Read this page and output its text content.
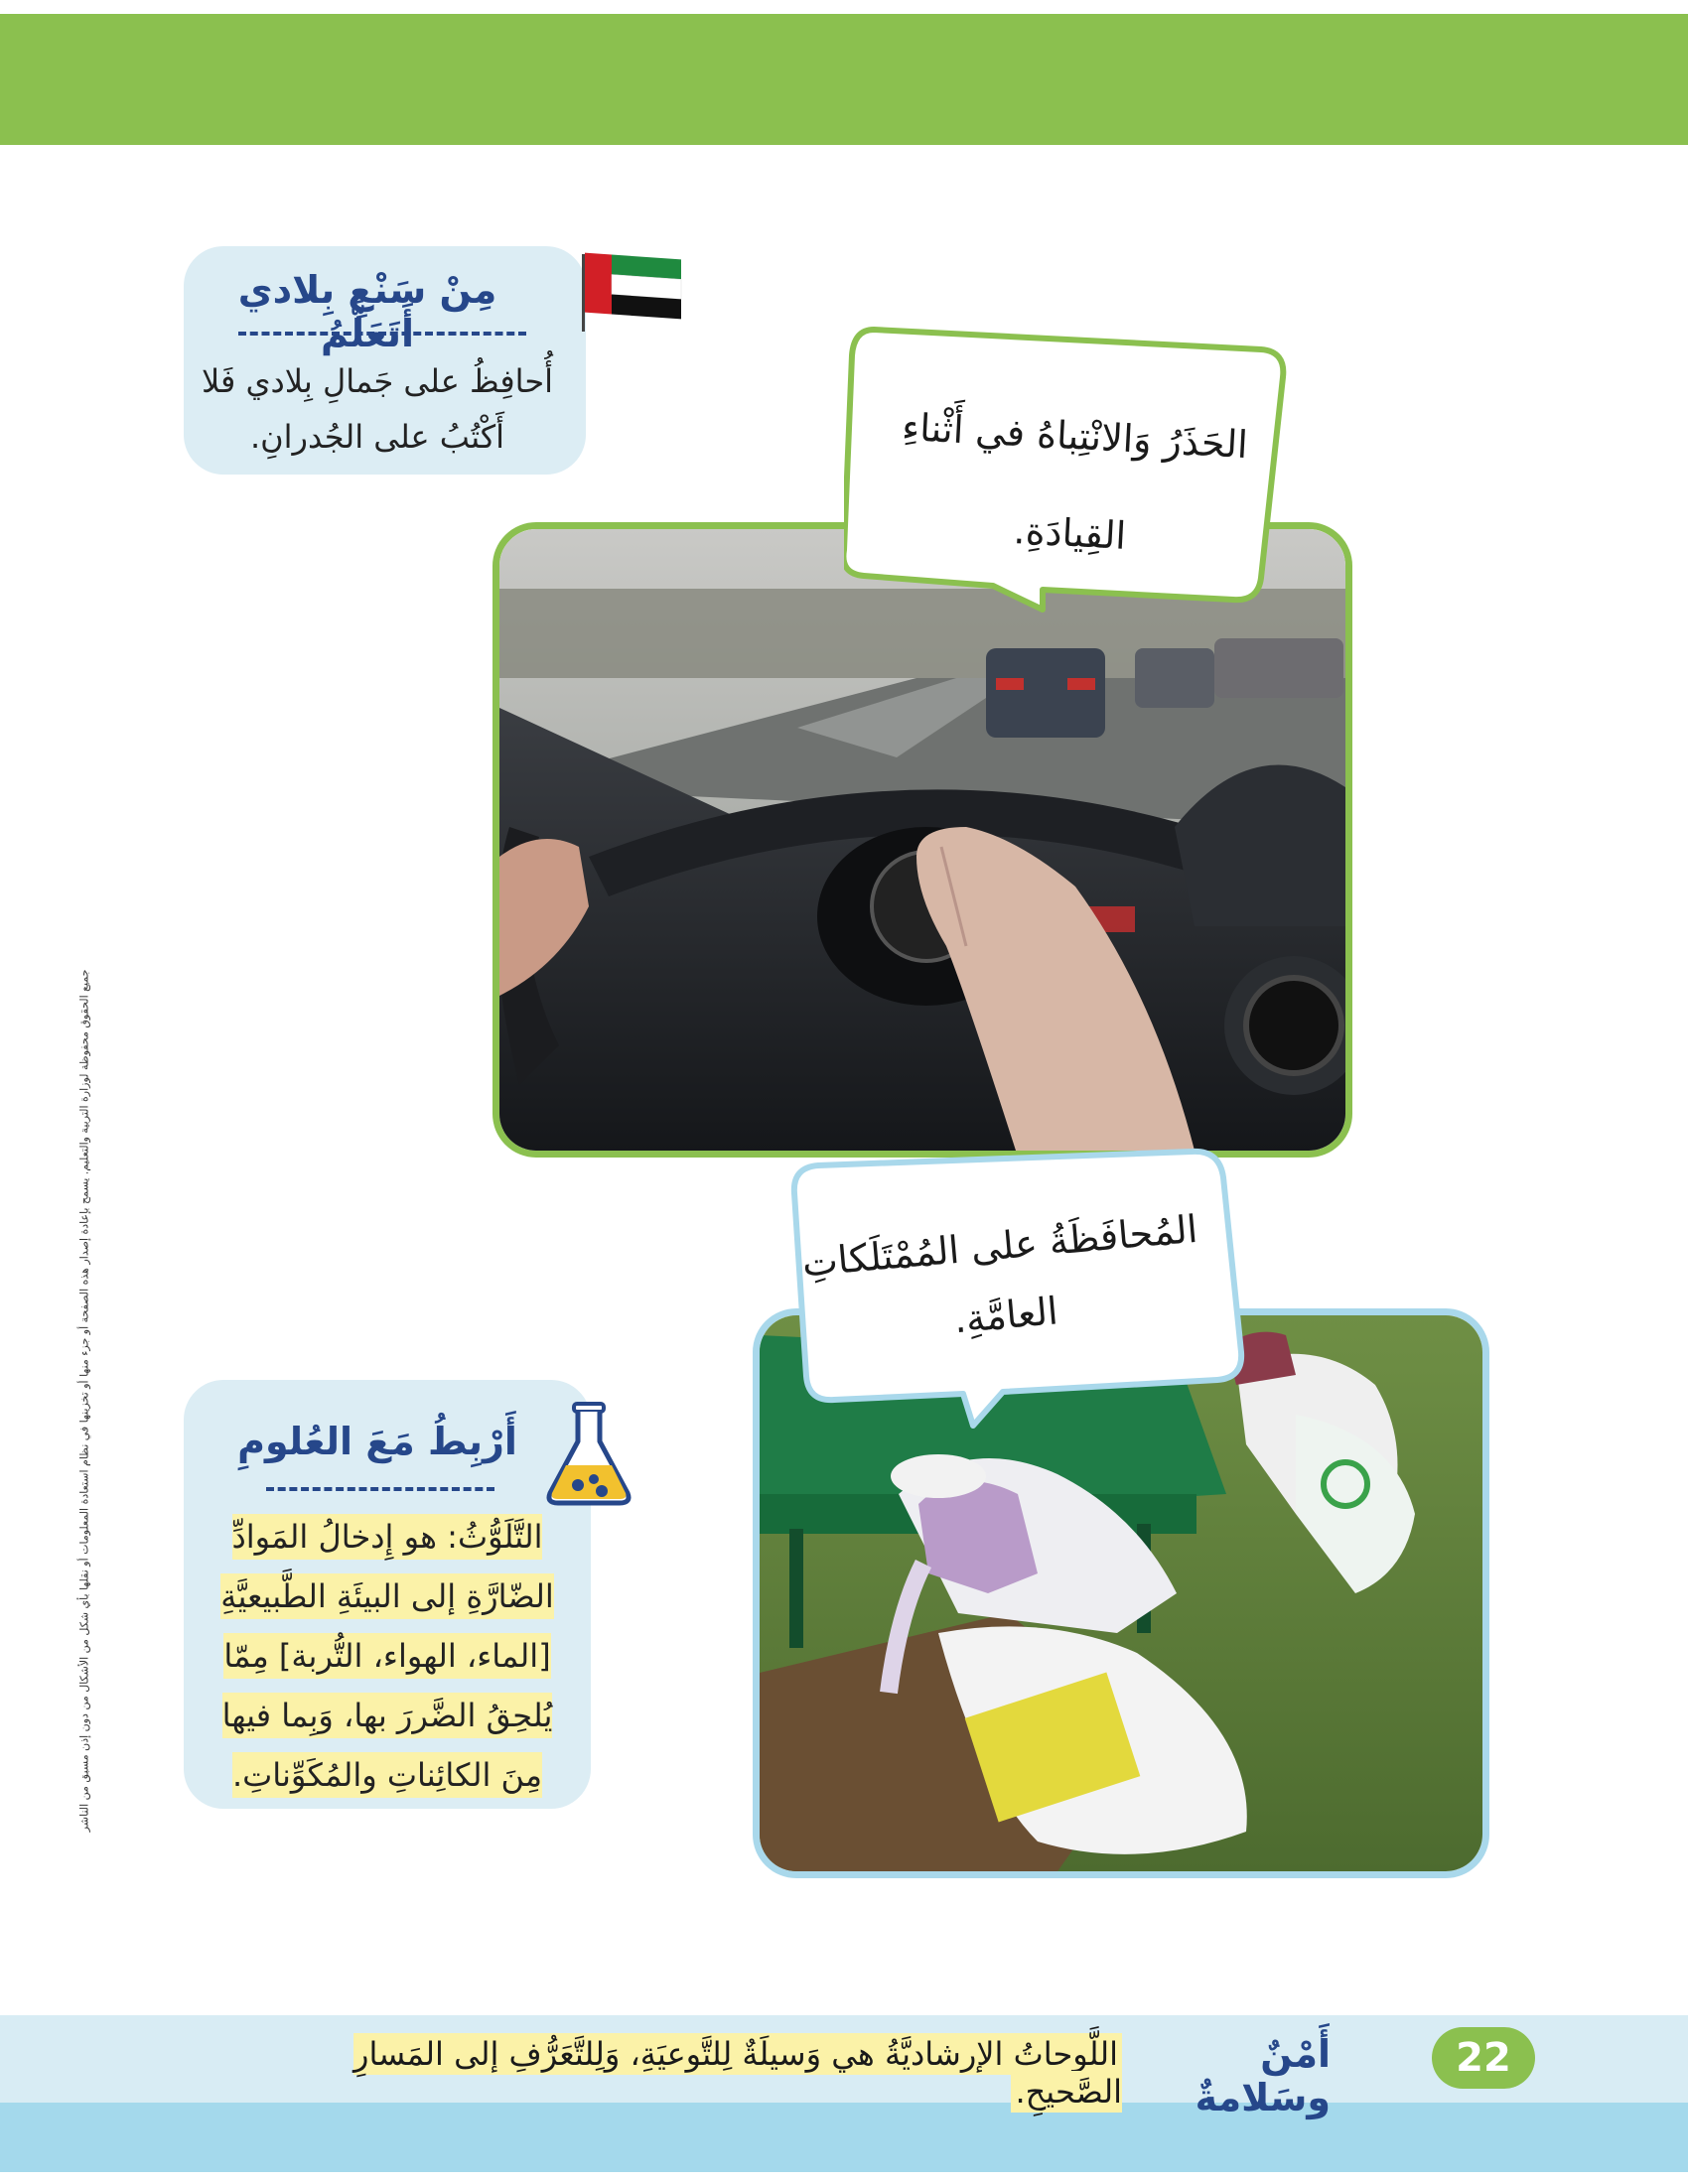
جميع الحقوق محفوظة لوزارة التربية والتعليم. يسمح بإعادة إصدار هذه الصفحة أو جزء منها أو تخزينها في نظام استعادة المعلومات أو نقلها بأي شكل من الأشكال من دون إذن مسبق من الناشر
مِنْ سَنْعِ بِلادي أَتَعَلَّمُ
أُحافِظُ على جَمالِ بِلادي فَلا أَكْتُبُ على الجُدرانِ.	الحَذَرُ وَالانْتِباهُ في أَثْناءِ القِيادَةِ.
المُحافَظَةُ على المُمْتَلَكاتِ العامَّةِ.
أَرْبِطُ مَعَ العُلومِ
التَّلَوُّثُ: هو إِدخالُ المَوادِّ الضّارَّةِ إلى البيئَةِ الطَّبيعيَّةِ [الماء، الهواء، التُّربة] مِمّا يُلحِقُ الضَّررَ بها، وَبِما فيها مِنَ الكائِناتِ والمُكَوِّناتِ.
أَمْنٌ وسَلامةٌ
اللَّوحاتُ الإرشاديَّةُ هي وَسيلَةٌ لِلتَّوعيَةِ، وَلِلتَّعَرُّفِ إلى المَسارِ الصَّحيحِ.
22
